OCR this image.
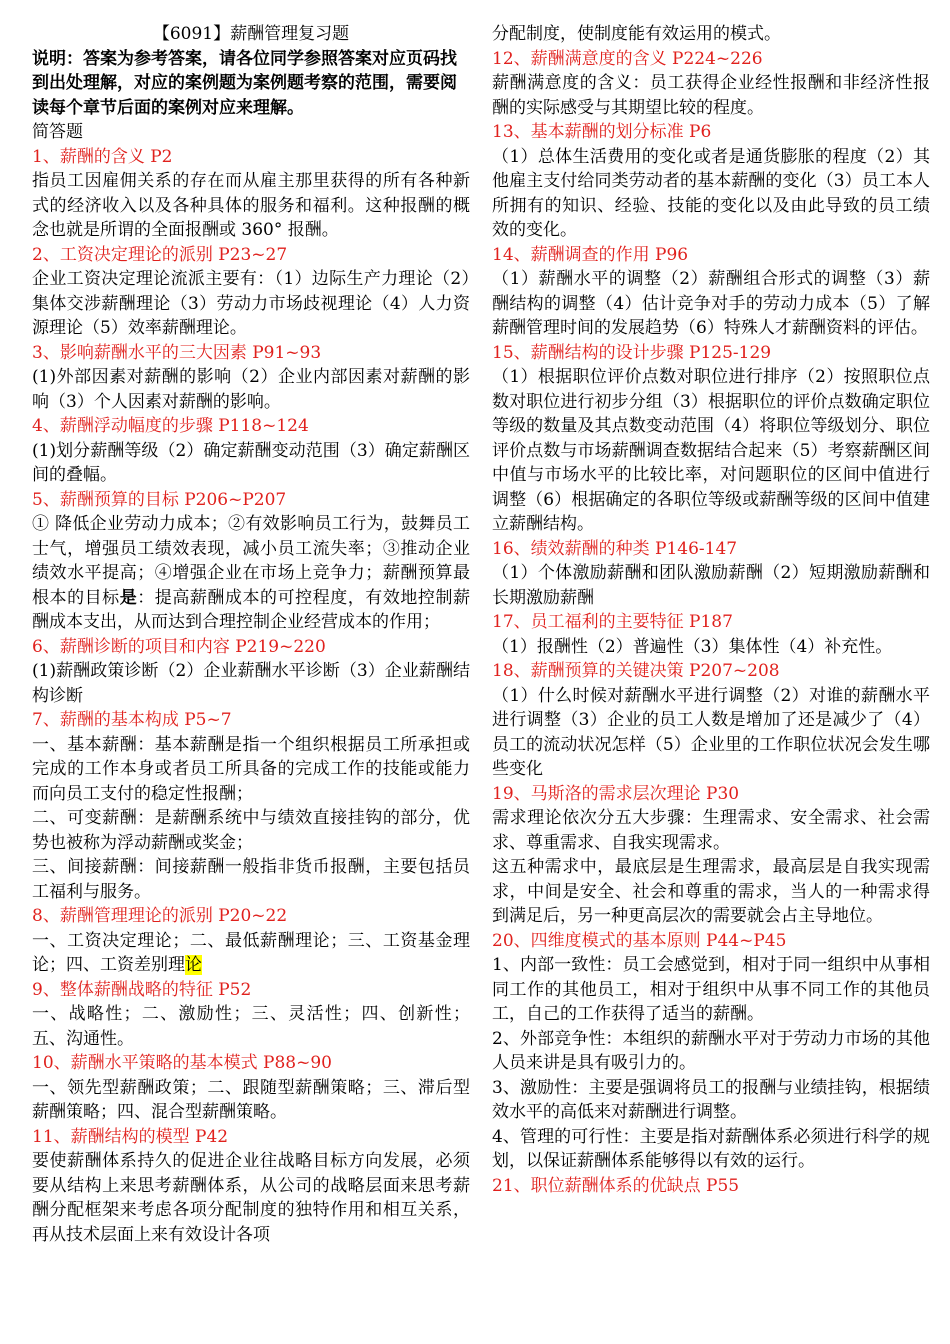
【6091】薪酬管理复习题

说明：答案为参考答案，请各位同学参照答案对应页码找到出处理解，对应的案例题为案例题考察的范围，需要阅读每个章节后面的案例对应来理解。

简答题

1、薪酬的含义 P2

指员工因雇佣关系的存在而从雇主那里获得的所有各种新式的经济收入以及各种具体的服务和福利。这种报酬的概念也就是所谓的全面报酬或 360° 报酬。

2、工资决定理论的派别 P23~27

企业工资决定理论流派主要有：（1）边际生产力理论（2）集体交涉薪酬理论（3）劳动力市场歧视理论（4）人力资源理论（5）效率薪酬理论。

3、影响薪酬水平的三大因素 P91~93

(1)外部因素对薪酬的影响（2）企业内部因素对薪酬的影响（3）个人因素对薪酬的影响。

4、薪酬浮动幅度的步骤 P118~124

(1)划分薪酬等级（2）确定薪酬变动范围（3）确定薪酬区间的叠幅。

5、薪酬预算的目标 P206~P207

① 降低企业劳动力成本；②有效影响员工行为，鼓舞员工士气，增强员工绩效表现，减小员工流失率；③推动企业绩效水平提高；④增强企业在市场上竞争力；薪酬预算最根本的目标是：提高薪酬成本的可控程度，有效地控制薪酬成本支出，从而达到合理控制企业经营成本的作用；

6、薪酬诊断的项目和内容 P219~220

(1)薪酬政策诊断（2）企业薪酬水平诊断（3）企业薪酬结构诊断

7、薪酬的基本构成 P5~7

一、基本薪酬：基本薪酬是指一个组织根据员工所承担或完成的工作本身或者员工所具备的完成工作的技能或能力而向员工支付的稳定性报酬；

二、可变薪酬：是薪酬系统中与绩效直接挂钩的部分，优势也被称为浮动薪酬或奖金；

三、间接薪酬：间接薪酬一般指非货币报酬，主要包括员工福利与服务。

8、薪酬管理理论的派别 P20~22

一、工资决定理论；二、最低薪酬理论；三、工资基金理论；四、工资差别理论

9、整体薪酬战略的特征 P52

一、战略性；二、激励性；三、灵活性；四、创新性；五、沟通性。

10、薪酬水平策略的基本模式 P88~90

一、领先型薪酬政策；二、跟随型薪酬策略；三、滞后型薪酬策略；四、混合型薪酬策略。

11、薪酬结构的模型 P42

要使薪酬体系持久的促进企业往战略目标方向发展，必须要从结构上来思考薪酬体系，从公司的战略层面来思考薪酬分配框架来考虑各项分配制度的独特作用和相互关系，再从技术层面上来有效设计各项

分配制度，使制度能有效运用的模式。

12、薪酬满意度的含义 P224~226

薪酬满意度的含义：员工获得企业经性报酬和非经济性报酬的实际感受与其期望比较的程度。

13、基本薪酬的划分标准 P6

（1）总体生活费用的变化或者是通货膨胀的程度（2）其他雇主支付给同类劳动者的基本薪酬的变化（3）员工本人所拥有的知识、经验、技能的变化以及由此导致的员工绩效的变化。

14、薪酬调查的作用 P96

（1）薪酬水平的调整（2）薪酬组合形式的调整（3）薪酬结构的调整（4）估计竞争对手的劳动力成本（5）了解薪酬管理时间的发展趋势（6）特殊人才薪酬资料的评估。

15、薪酬结构的设计步骤 P125-129

（1）根据职位评价点数对职位进行排序（2）按照职位点数对职位进行初步分组（3）根据职位的评价点数确定职位等级的数量及其点数变动范围（4）将职位等级划分、职位评价点数与市场薪酬调查数据结合起来（5）考察薪酬区间中值与市场水平的比较比率，对问题职位的区间中值进行调整（6）根据确定的各职位等级或薪酬等级的区间中值建立薪酬结构。

16、绩效薪酬的种类 P146-147

（1）个体激励薪酬和团队激励薪酬（2）短期激励薪酬和长期激励薪酬

17、员工福利的主要特征 P187

（1）报酬性（2）普遍性（3）集体性（4）补充性。

18、薪酬预算的关键决策 P207~208

（1）什么时候对薪酬水平进行调整（2）对谁的薪酬水平进行调整（3）企业的员工人数是增加了还是减少了（4）员工的流动状况怎样（5）企业里的工作职位状况会发生哪些变化

19、马斯洛的需求层次理论 P30

需求理论依次分五大步骤：生理需求、安全需求、社会需求、尊重需求、自我实现需求。

这五种需求中，最底层是生理需求，最高层是自我实现需求，中间是安全、社会和尊重的需求，当人的一种需求得到满足后，另一种更高层次的需要就会占主导地位。

20、四维度模式的基本原则 P44~P45

1、内部一致性：员工会感觉到，相对于同一组织中从事相同工作的其他员工，相对于组织中从事不同工作的其他员工，自己的工作获得了适当的薪酬。

2、外部竞争性：本组织的薪酬水平对于劳动力市场的其他人员来讲是具有吸引力的。

3、激励性：主要是强调将员工的报酬与业绩挂钩，根据绩效水平的高低来对薪酬进行调整。

4、管理的可行性：主要是指对薪酬体系必须进行科学的规划，以保证薪酬体系能够得以有效的运行。

21、职位薪酬体系的优缺点 P55
